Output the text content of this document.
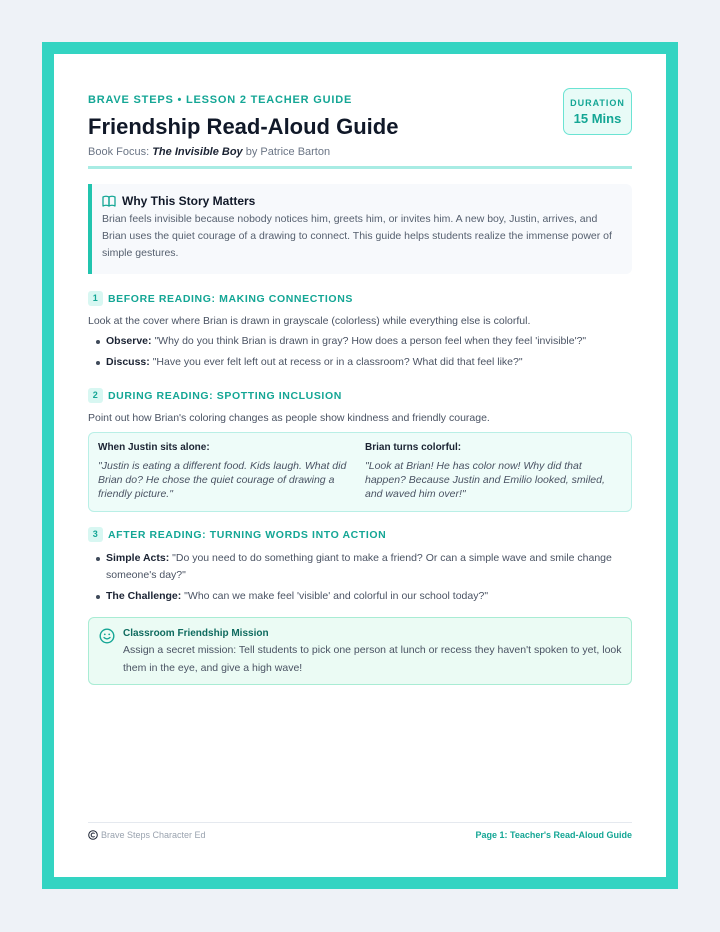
BRAVE STEPS • LESSON 2 TEACHER GUIDE
Friendship Read-Aloud Guide
Book Focus: The Invisible Boy by Patrice Barton
DURATION
15 Mins
Why This Story Matters
Brian feels invisible because nobody notices him, greets him, or invites him. A new boy, Justin, arrives, and Brian uses the quiet courage of a drawing to connect. This guide helps students realize the immense power of simple gestures.
1 BEFORE READING: MAKING CONNECTIONS
Look at the cover where Brian is drawn in grayscale (colorless) while everything else is colorful.
Observe: "Why do you think Brian is drawn in gray? How does a person feel when they feel 'invisible'?"
Discuss: "Have you ever felt left out at recess or in a classroom? What did that feel like?"
2 DURING READING: SPOTTING INCLUSION
Point out how Brian's coloring changes as people show kindness and friendly courage.
When Justin sits alone:
"Justin is eating a different food. Kids laugh. What did Brian do? He chose the quiet courage of drawing a friendly picture."
Brian turns colorful:
"Look at Brian! He has color now! Why did that happen? Because Justin and Emilio looked, smiled, and waved him over!"
3 AFTER READING: TURNING WORDS INTO ACTION
Simple Acts: "Do you need to do something giant to make a friend? Or can a simple wave and smile change someone's day?"
The Challenge: "Who can we make feel 'visible' and colorful in our school today?"
Classroom Friendship Mission
Assign a secret mission: Tell students to pick one person at lunch or recess they haven't spoken to yet, look them in the eye, and give a high wave!
Brave Steps Character Ed	Page 1: Teacher's Read-Aloud Guide
